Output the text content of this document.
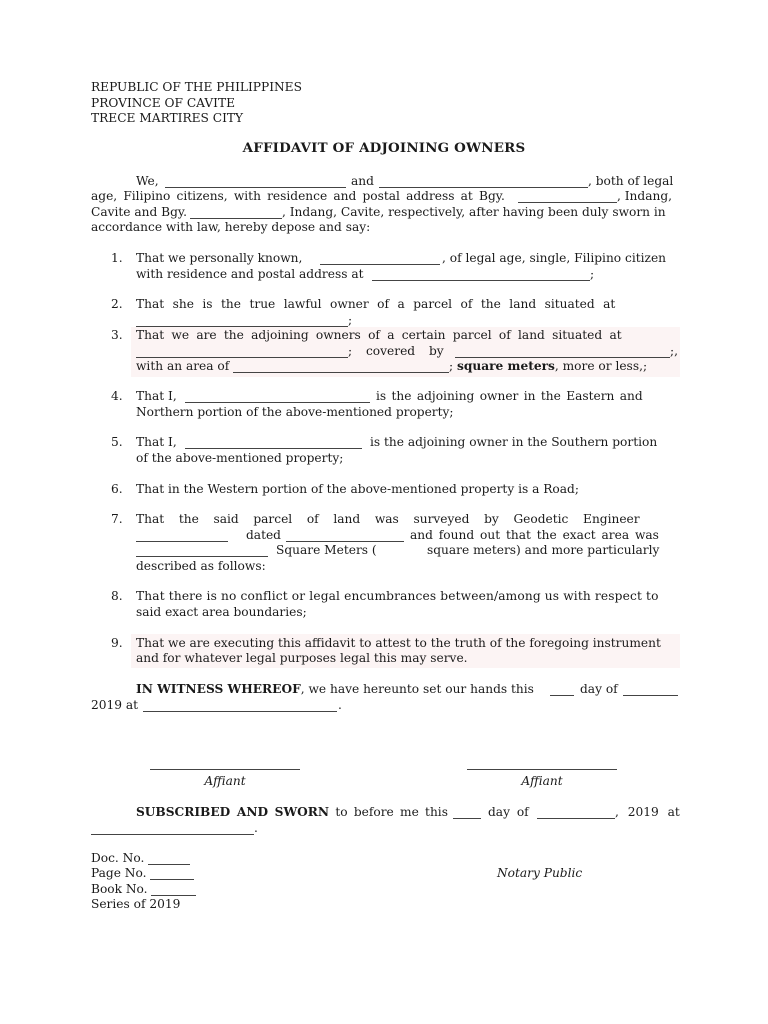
REPUBLIC OF THE PHILIPPINES
PROVINCE OF CAVITE
TRECE MARTIRES CITY
AFFIDAVIT OF ADJOINING OWNERS
We,	and	, both of legal
age, Filipino citizens, with residence and postal address at Bgy.	, Indang,
Cavite and Bgy.	, Indang, Cavite, respectively, after having been duly sworn in
accordance with law, hereby depose and say:
1. That we personally known,	, of legal age, single, Filipino citizen
with residence and postal address at	;
2. That she is the true lawful owner of a parcel of the land situated at
;
3. That we are the adjoining owners of a certain parcel of land situated at
; covered by	;,
with an area of	; square meters, more or less,;
4. That I,	is the adjoining owner in the Eastern and
Northern portion of the above-mentioned property;
5. That I,	is the adjoining owner in the Southern portion
of the above-mentioned property;
6. That in the Western portion of the above-mentioned property is a Road;
7. That the said parcel of land was surveyed by Geodetic Engineer
dated	and found out that the exact area was
Square Meters (	square meters) and more particularly
described as follows:
8. That there is no conflict or legal encumbrances between/among us with respect to
said exact area boundaries;
9. That we are executing this affidavit to attest to the truth of the foregoing instrument
and for whatever legal purposes legal this may serve.
IN WITNESS WHEREOF, we have hereunto set our hands this	day of
2019 at	.
Affiant	Affiant
SUBSCRIBED AND SWORN to before me this	day of	, 2019 at
.
Doc. No.
Page No.
Book No.
Series of 2019
Notary Public
